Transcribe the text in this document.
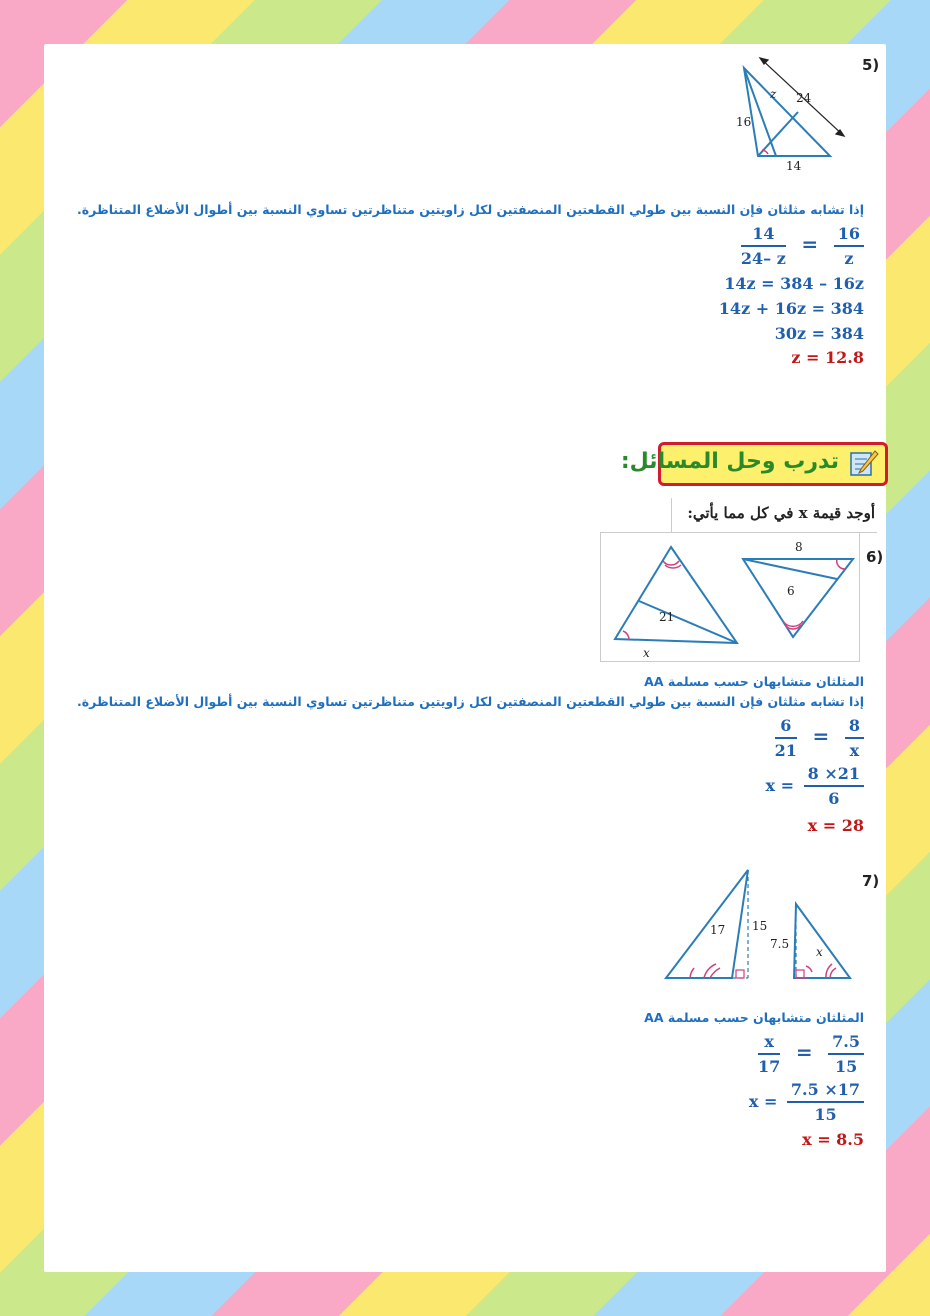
5)
z 24
16
14
إذا تشابه مثلثان فإن النسبة بين طولي القطعتين المنصفتين لكل زاويتين متناظرتين تساوي النسبة بين أطوال الأضلاع المتناظرة.
$\frac{14}{24- z} = \frac{16}{z}$
14z = 384 – 16z
14z + 16z = 384
30z = 384
z = 12.8
تدرب وحل المسائل:
أوجد قيمة x في كل مما يأتي:
6)
21
x
8
6
المثلثان متشابهان حسب مسلمة AA
إذا تشابه مثلثان فإن النسبة بين طولي القطعتين المنصفتين لكل زاويتين متناظرتين تساوي النسبة بين أطوال الأضلاع المتناظرة.
$\frac{6}{21} = \frac{8}{x}$
$x = \frac{8 \times 21}{6}$
x = 28
7)
17 15
7.5
x
المثلثان متشابهان حسب مسلمة AA
$\frac{x}{17} = \frac{7.5}{15}$
$x = \frac{7.5 \times 17}{15}$
x = 8.5
